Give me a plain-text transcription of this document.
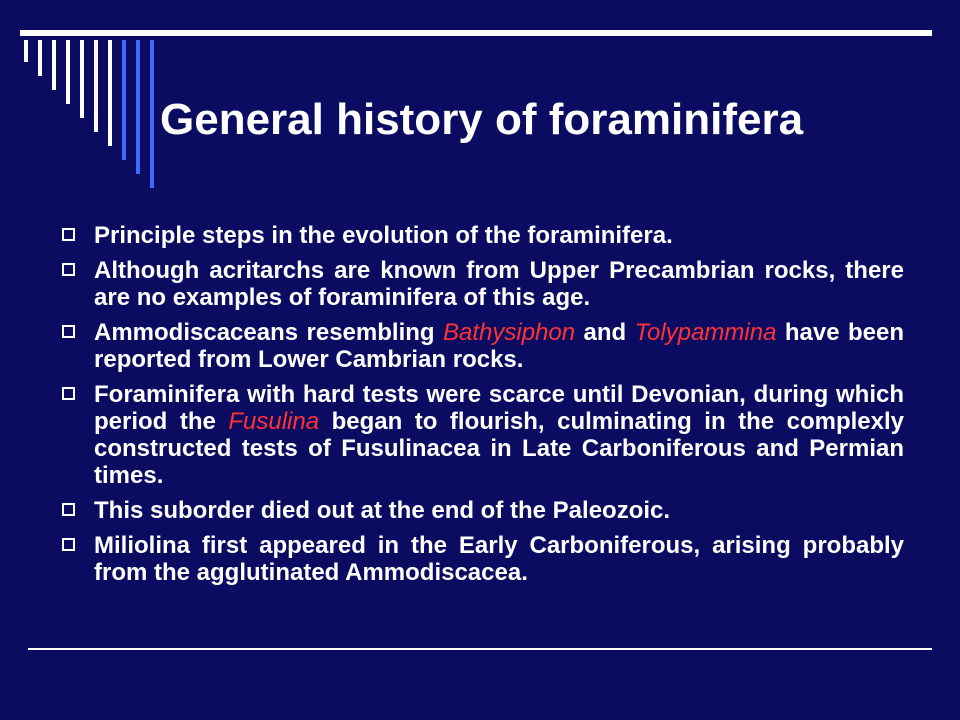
General history of foraminifera
Principle steps in the evolution of the foraminifera.
Although acritarchs are known from Upper Precambrian rocks, there are no examples of foraminifera of this age.
Ammodiscaceans resembling Bathysiphon and Tolypammina have been reported from Lower Cambrian rocks.
Foraminifera with hard tests were scarce until Devonian, during which period the Fusulina began to flourish, culminating in the complexly constructed tests of Fusulinacea in Late Carboniferous and Permian times.
This suborder died out at the end of the Paleozoic.
Miliolina first appeared in the Early Carboniferous, arising probably from the agglutinated Ammodiscacea.
